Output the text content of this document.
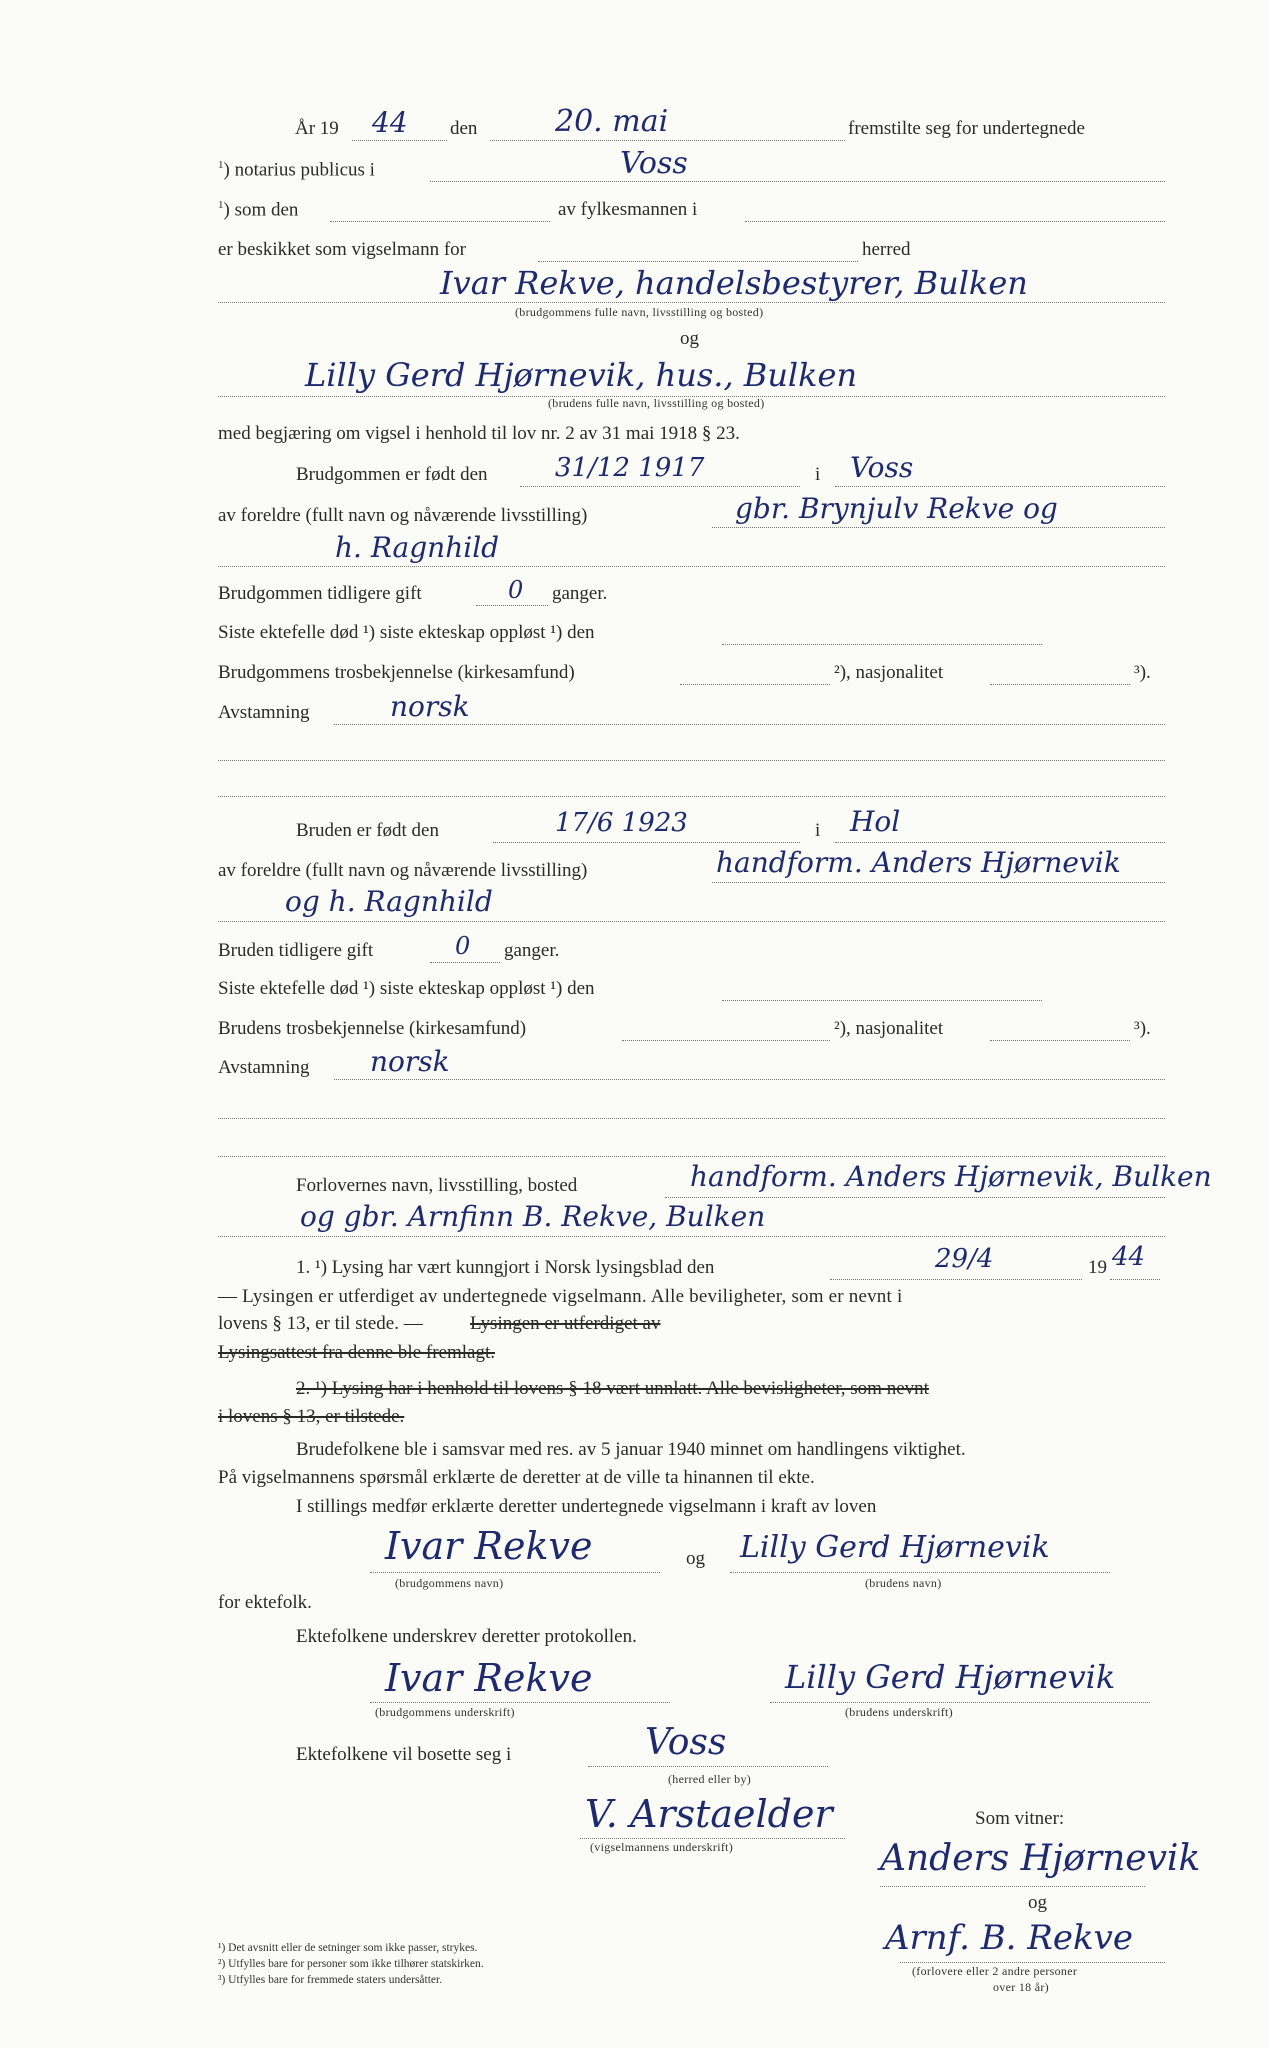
År 19 44 den	20. mai	fremstilte seg for undertegnede
$^1$) notarius publicus i	Voss
$^1$) som den	av fylkesmannen i
er beskikket som vigselmann for	herred
Ivar Rekve, handelsbestyrer, Bulken
(brudgommens fulle navn, livsstilling og bosted)
og
Lilly Gerd Hjørnevik, hus., Bulken
(brudens fulle navn, livsstilling og bosted)
med begjæring om vigsel i henhold til lov nr. 2 av 31 mai 1918 § 23.
Brudgommen er født den	31/12 1917	i Voss
av foreldre (fullt navn og nåværende livsstilling)	gbr. Brynjulv Rekve og
h. Ragnhild
Brudgommen tidligere gift	0 ganger.
Siste ektefelle død ¹) siste ekteskap oppløst ¹) den
Brudgommens trosbekjennelse (kirkesamfund)	²), nasjonalitet	³).
Avstamning	norsk
Bruden er født den	17/6 1923	i Hol
av foreldre (fullt navn og nåværende livsstilling)	handform. Anders Hjørnevik
og h. Ragnhild
Bruden tidligere gift	0 ganger.
Siste ektefelle død ¹) siste ekteskap oppløst ¹) den
Brudens trosbekjennelse (kirkesamfund)	²), nasjonalitet	³).
Avstamning norsk
Forlovernes navn, livsstilling, bosted	handform. Anders Hjørnevik, Bulken
og gbr. Arnfinn B. Rekve, Bulken
1. ¹) Lysing har vært kunngjort i Norsk lysingsblad den	29/4	19 44
— Lysingen er utferdiget av undertegnede vigselmann. Alle beviligheter, som er nevnt i
lovens § 13, er til stede. — Lysingen er utferdiget av
Lysingsattest fra denne ble fremlagt.
2. ¹) Lysing har i henhold til lovens § 18 vært unnlatt. Alle bevisligheter, som nevnt
i lovens § 13, er tilstede.
Brudefolkene ble i samsvar med res. av 5 januar 1940 minnet om handlingens viktighet.
På vigselmannens spørsmål erklærte de deretter at de ville ta hinannen til ekte.
I stillings medfør erklærte deretter undertegnede vigselmann i kraft av loven
Ivar Rekve	og Lilly Gerd Hjørnevik
(brudgommens navn)	(brudens navn)
for ektefolk.
Ektefolkene underskrev deretter protokollen.
Ivar Rekve	Lilly Gerd Hjørnevik
(brudgommens underskrift)	(brudens underskrift)
Ektefolkene vil bosette seg i	Voss
(herred eller by)
V. Arstaelder
(vigselmannens underskrift)
Som vitner:
Anders Hjørnevik
og
Arnf. B. Rekve
(forlovere eller 2 andre personer
over 18 år)
¹) Det avsnitt eller de setninger som ikke passer, strykes.
²) Utfylles bare for personer som ikke tilhører statskirken.
³) Utfylles bare for fremmede staters undersåtter.
